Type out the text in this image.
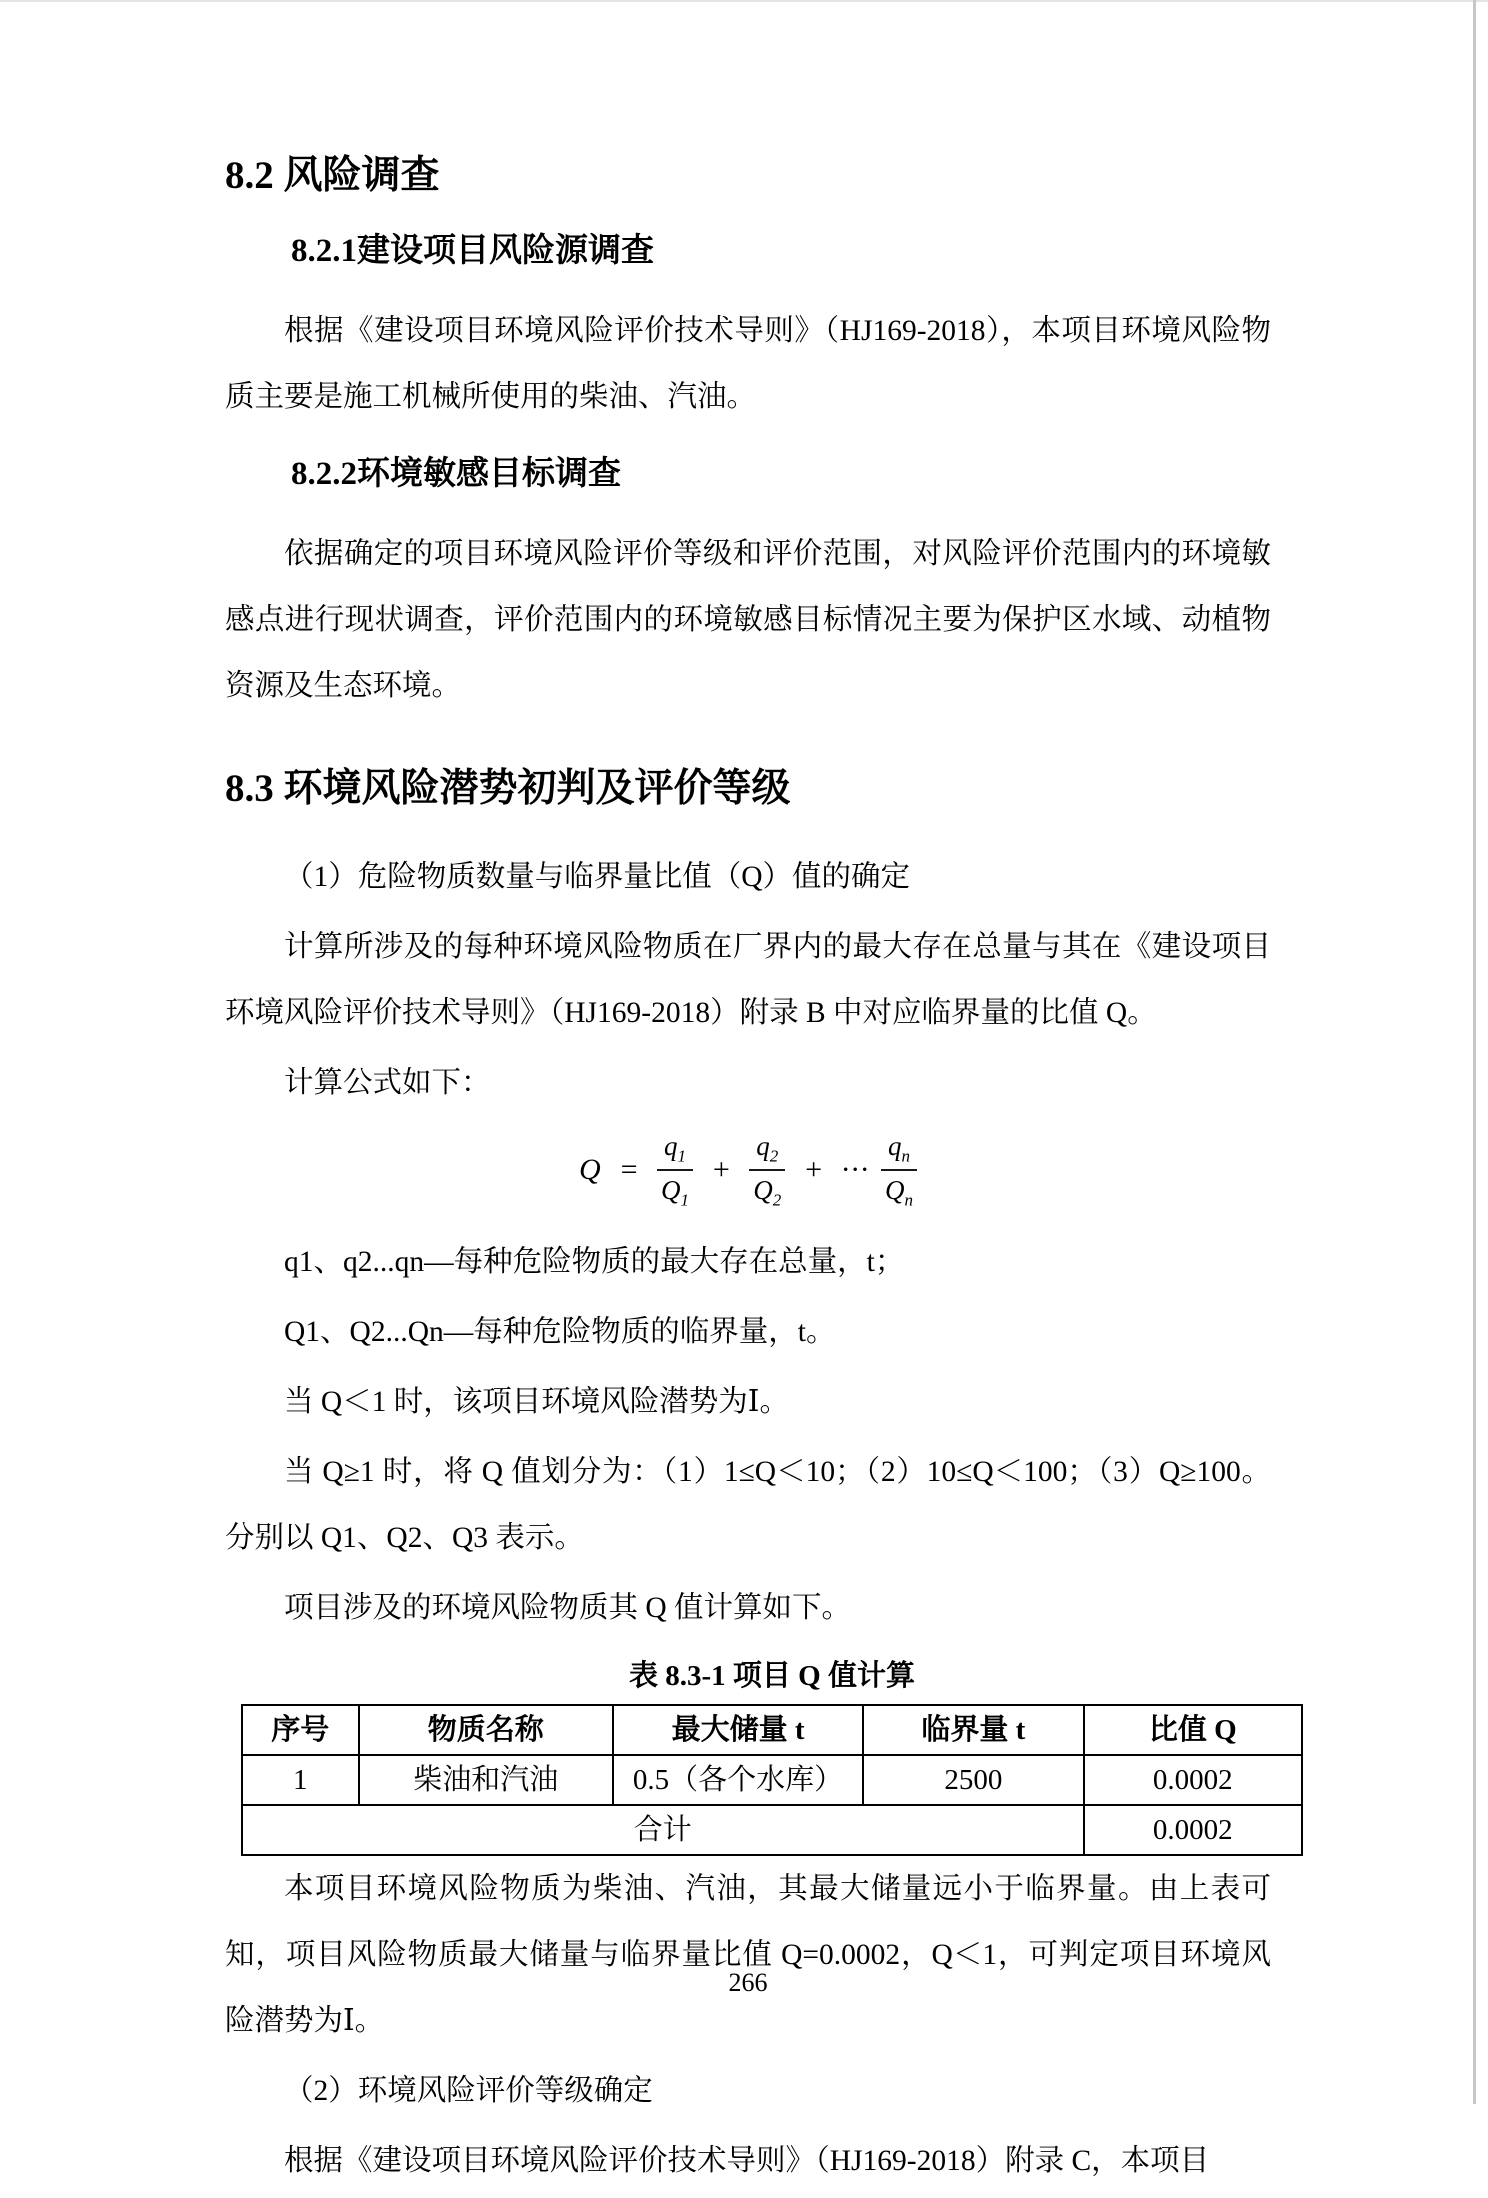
8.2 风险调查
8.2.1建设项目风险源调查

根据《建设项目环境风险评价技术导则》（HJ169-2018），本项目环境风险物质主要是施工机械所使用的柴油、汽油。

8.2.2环境敏感目标调查

依据确定的项目环境风险评价等级和评价范围，对风险评价范围内的环境敏感点进行现状调查，评价范围内的环境敏感目标情况主要为保护区水域、动植物资源及生态环境。

8.3 环境风险潜势初判及评价等级

（1）危险物质数量与临界量比值（Q）值的确定

计算所涉及的每种环境风险物质在厂界内的最大存在总量与其在《建设项目环境风险评价技术导则》（HJ169-2018）附录 B 中对应临界量的比值 Q。

计算公式如下：

$Q = \frac{q_1}{Q_1} + \frac{q_2}{Q_2}$ + ··· $\frac{q_n}{Q_n}$

q1、q2...qn—每种危险物质的最大存在总量，t；

Q1、Q2...Qn—每种危险物质的临界量，t。

当 Q＜1 时，该项目环境风险潜势为Ⅰ。

当 Q≥1 时，将 Q 值划分为：（1）1≤Q＜10；（2）10≤Q＜100；（3）Q≥100。分别以 Q1、Q2、Q3 表示。

项目涉及的环境风险物质其 Q 值计算如下。

表 8.3-1 项目 Q 值计算
序号	物质名称	最大储量 t	临界量 t	比值 Q
1	柴油和汽油	0.5（各个水库）	2500	0.0002
合计				0.0002

本项目环境风险物质为柴油、汽油，其最大储量远小于临界量。由上表可知，项目风险物质最大储量与临界量比值 Q=0.0002，Q＜1，可判定项目环境风险潜势为Ⅰ。

（2）环境风险评价等级确定

根据《建设项目环境风险评价技术导则》（HJ169-2018）附录 C，本项目

266
